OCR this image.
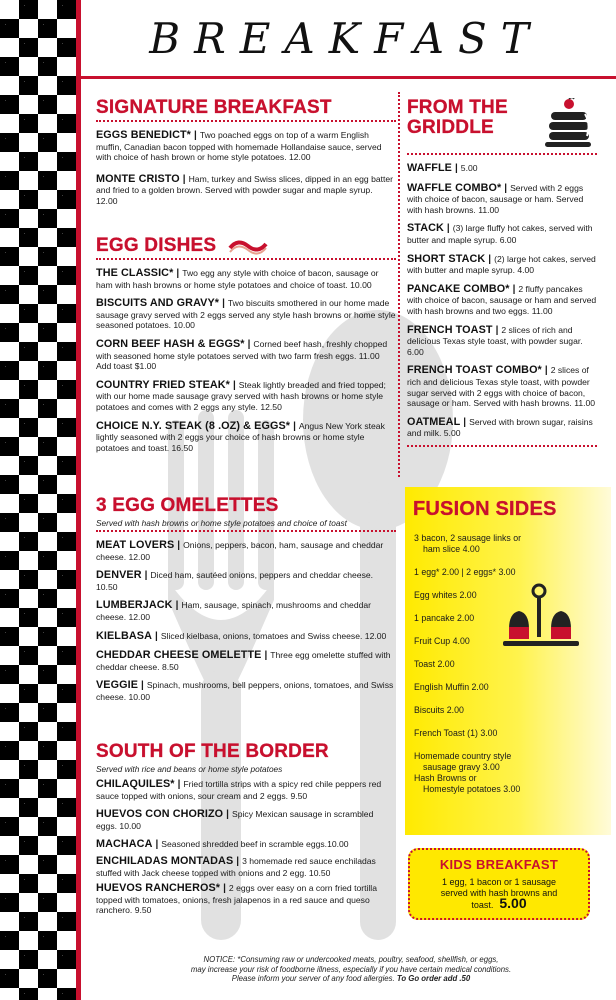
BREAKFAST
SIGNATURE BREAKFAST
EGGS BENEDICT* | Two poached eggs on top of a warm English muffin, Canadian bacon topped with homemade Hollandaise sauce, served with choice of hash brown or home style potatoes. 12.00
MONTE CRISTO | Ham, turkey and Swiss slices, dipped in an egg batter and fried to a golden brown. Served with powder sugar and maple syrup. 12.00
EGG DISHES
THE CLASSIC* | Two egg any style with choice of bacon, sausage or ham with hash browns or home style potatoes and choice of toast. 10.00
BISCUITS AND GRAVY* | Two biscuits smothered in our home made sausage gravy served with 2 eggs served any style hash browns or home style seasoned potatoes. 10.00
CORN BEEF HASH & EGGS* | Corned beef hash, freshly chopped with seasoned home style potatoes served with two farm fresh eggs. 11.00 Add toast $1.00
COUNTRY FRIED STEAK* | Steak lightly breaded and fried topped; with our home made sausage gravy served with hash browns or home style potatoes and comes with 2 eggs any style. 12.50
CHOICE N.Y. STEAK (8 .OZ) & EGGS* | Angus New York steak lightly seasoned with 2 eggs your choice of hash browns or home style potatoes and toast. 16.50
3 EGG OMELETTES
Served with hash browns or home style potatoes and choice of toast
MEAT LOVERS | Onions, peppers, bacon, ham, sausage and cheddar cheese. 12.00
DENVER | Diced ham, sautéed onions, peppers and cheddar cheese. 10.50
LUMBERJACK | Ham, sausage, spinach, mushrooms and cheddar cheese. 12.00
KIELBASA | Sliced kielbasa, onions, tomatoes and Swiss cheese. 12.00
CHEDDAR CHEESE OMELETTE | Three egg omelette stuffed with cheddar cheese. 8.50
VEGGIE | Spinach, mushrooms, bell peppers, onions, tomatoes, and Swiss cheese. 10.00
SOUTH OF THE BORDER
Served with rice and beans or home style potatoes
CHILAQUILES* | Fried tortilla strips with a spicy red chile peppers red sauce topped with onions, sour cream and 2 eggs. 9.50
HUEVOS CON CHORIZO | Spicy Mexican sausage in scrambled eggs. 10.00
MACHACA | Seasoned shredded beef in scramble eggs.10.00
ENCHILADAS MONTADAS | 3 homemade red sauce enchiladas stuffed with Jack cheese topped with onions and 2 egg. 10.50
HUEVOS RANCHEROS* | 2 eggs over easy on a corn fried tortilla topped with tomatoes, onions, fresh jalapenos in a red sauce and queso ranchero. 9.50
FROM THE
GRIDDLE
WAFFLE | 5.00
WAFFLE COMBO* | Served with 2 eggs with choice of bacon, sausage or ham. Served with hash browns. 11.00
STACK | (3) large fluffy hot cakes, served with butter and maple syrup. 6.00
SHORT STACK | (2) large hot cakes, served with butter and maple syrup. 4.00
PANCAKE COMBO* | 2 fluffy pancakes with choice of bacon, sausage or ham and served with hash browns and two eggs. 11.00
FRENCH TOAST | 2 slices of rich and delicious Texas style toast, with powder sugar. 6.00
FRENCH TOAST COMBO* | 2 slices of rich and delicious Texas style toast, with powder sugar served with 2 eggs with choice of bacon, sausage or ham. Served with hash browns. 11.00
OATMEAL | Served with brown sugar, raisins and milk. 5.00
FUSION SIDES
3 bacon, 2 sausage links or
ham slice 4.00
1 egg* 2.00 | 2 eggs* 3.00
Egg whites 2.00
1 pancake 2.00
Fruit Cup 4.00
Toast 2.00
English Muffin 2.00
Biscuits 2.00
French Toast (1) 3.00
Homemade country style
sausage gravy 3.00
Hash Browns or
Homestyle potatoes 3.00
KIDS BREAKFAST
1 egg, 1 bacon or 1 sausage
served with hash browns and
toast. 5.00
NOTICE: *Consuming raw or undercooked meats, poultry, seafood, shellfish, or eggs,
may increase your risk of foodborne illness, especially if you have certain medical conditions.
Please inform your server of any food allergies. To Go order add .50
